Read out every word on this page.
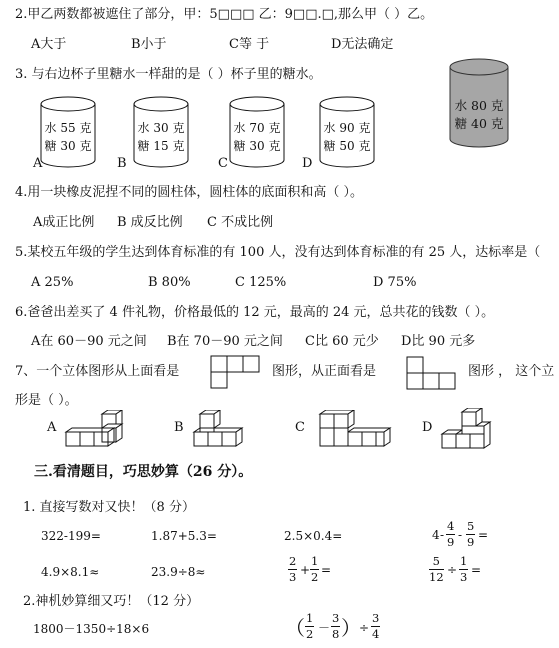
2.甲乙两数都被遮住了部分，甲：5□□□ 乙：9□□.□,那么甲（ ）乙。
A大于	B小于	C等 于	D无法确定
3. 与右边杯子里糖水一样甜的是（ ）杯子里的糖水。
水 55 克
糖 30 克
A
水 30 克
糖 15 克
B
水 70 克
糖 30 克
C
水 90 克
糖 50 克
D
水 80 克
糖 40 克
4.用一块橡皮泥捏不同的圆柱体，圆柱体的底面积和高（ ）。
A成正比例 B 成反比例 C 不成比例
5.某校五年级的学生达到体育标准的有 100 人，没有达到体育标准的有 25 人，达标率是（
A 25%	B 80%	C 125%	D 75%
6.爸爸出差买了 4 件礼物，价格最低的 12 元，最高的 24 元，总共花的钱数（ ）。
A在 60－90 元之间 B在 70－90 元之间 C比 60 元少 D比 90 元多
7、一个立体图形从上面看是	图形，从正面看是	图形 ， 这个立
形是（ ）。
A	B	C	D
三.看清题目，巧思妙算（26 分）。
1. 直接写数对又快！（8 分）
322-199=	1.87+5.3=	2.5×0.4=	$4 - \frac{4}{9} - \frac{5}{9}$ =
4.9×8.1≈	23.9÷8≈	$\frac{2}{3} + \frac{1}{2}$ =	$\frac{5}{12} \div \frac{1}{3}$ =
2.神机妙算细又巧！（12 分）
1800－1350÷18×6	（ $\frac{1}{2} - \frac{3}{8}$ ）
÷ $\frac{3}{4}$
